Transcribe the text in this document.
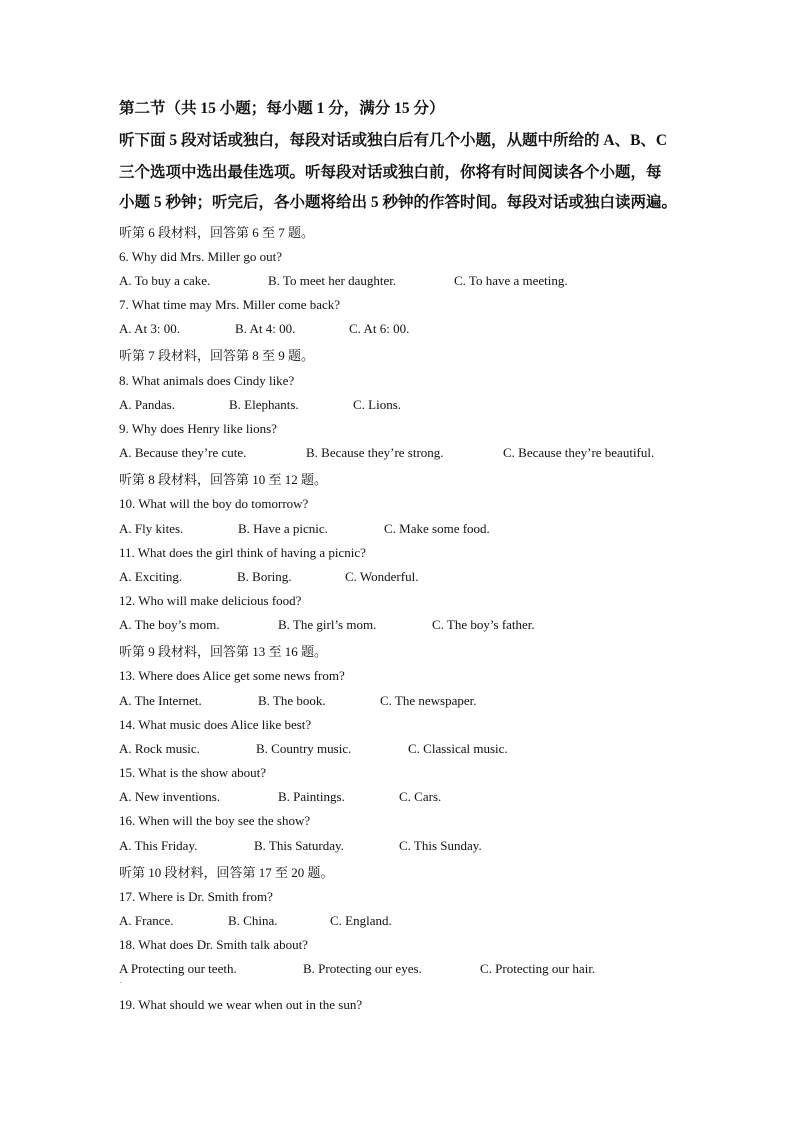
第二节（共 15 小题；每小题 1 分，满分 15 分）
听下面 5 段对话或独白，每段对话或独白后有几个小题，从题中所给的 A、B、C
三个选项中选出最佳选项。听每段对话或独白前，你将有时间阅读各个小题，每
小题 5 秒钟；听完后，各小题将给出 5 秒钟的作答时间。每段对话或独白读两遍。
听第 6 段材料，回答第 6 至 7 题。
6. Why did Mrs. Miller go out?
A. To buy a cake.	B. To meet her daughter.	C. To have a meeting.
7. What time may Mrs. Miller come back?
A. At 3: 00.	B. At 4: 00.	C. At 6: 00.
听第 7 段材料，回答第 8 至 9 题。
8. What animals does Cindy like?
A. Pandas.	B. Elephants.	C. Lions.
9. Why does Henry like lions?
A. Because they’re cute.	B. Because they’re strong.	C. Because they’re beautiful.
听第 8 段材料，回答第 10 至 12 题。
10. What will the boy do tomorrow?
A. Fly kites.	B. Have a picnic.	C. Make some food.
11. What does the girl think of having a picnic?
A. Exciting.	B. Boring.	C. Wonderful.
12. Who will make delicious food?
A. The boy’s mom.	B. The girl’s mom.	C. The boy’s father.
听第 9 段材料，回答第 13 至 16 题。
13. Where does Alice get some news from?
A. The Internet.	B. The book.	C. The newspaper.
14. What music does Alice like best?
A. Rock music.	B. Country music.	C. Classical music.
15. What is the show about?
A. New inventions.	B. Paintings.	C. Cars.
16. When will the boy see the show?
A. This Friday.	B. This Saturday.	C. This Sunday.
听第 10 段材料，回答第 17 至 20 题。
17. Where is Dr. Smith from?
A. France.	B. China.	C. England.
18. What does Dr. Smith talk about?
A Protecting our teeth.	B. Protecting our eyes.	C. Protecting our hair.
.
19. What should we wear when out in the sun?
